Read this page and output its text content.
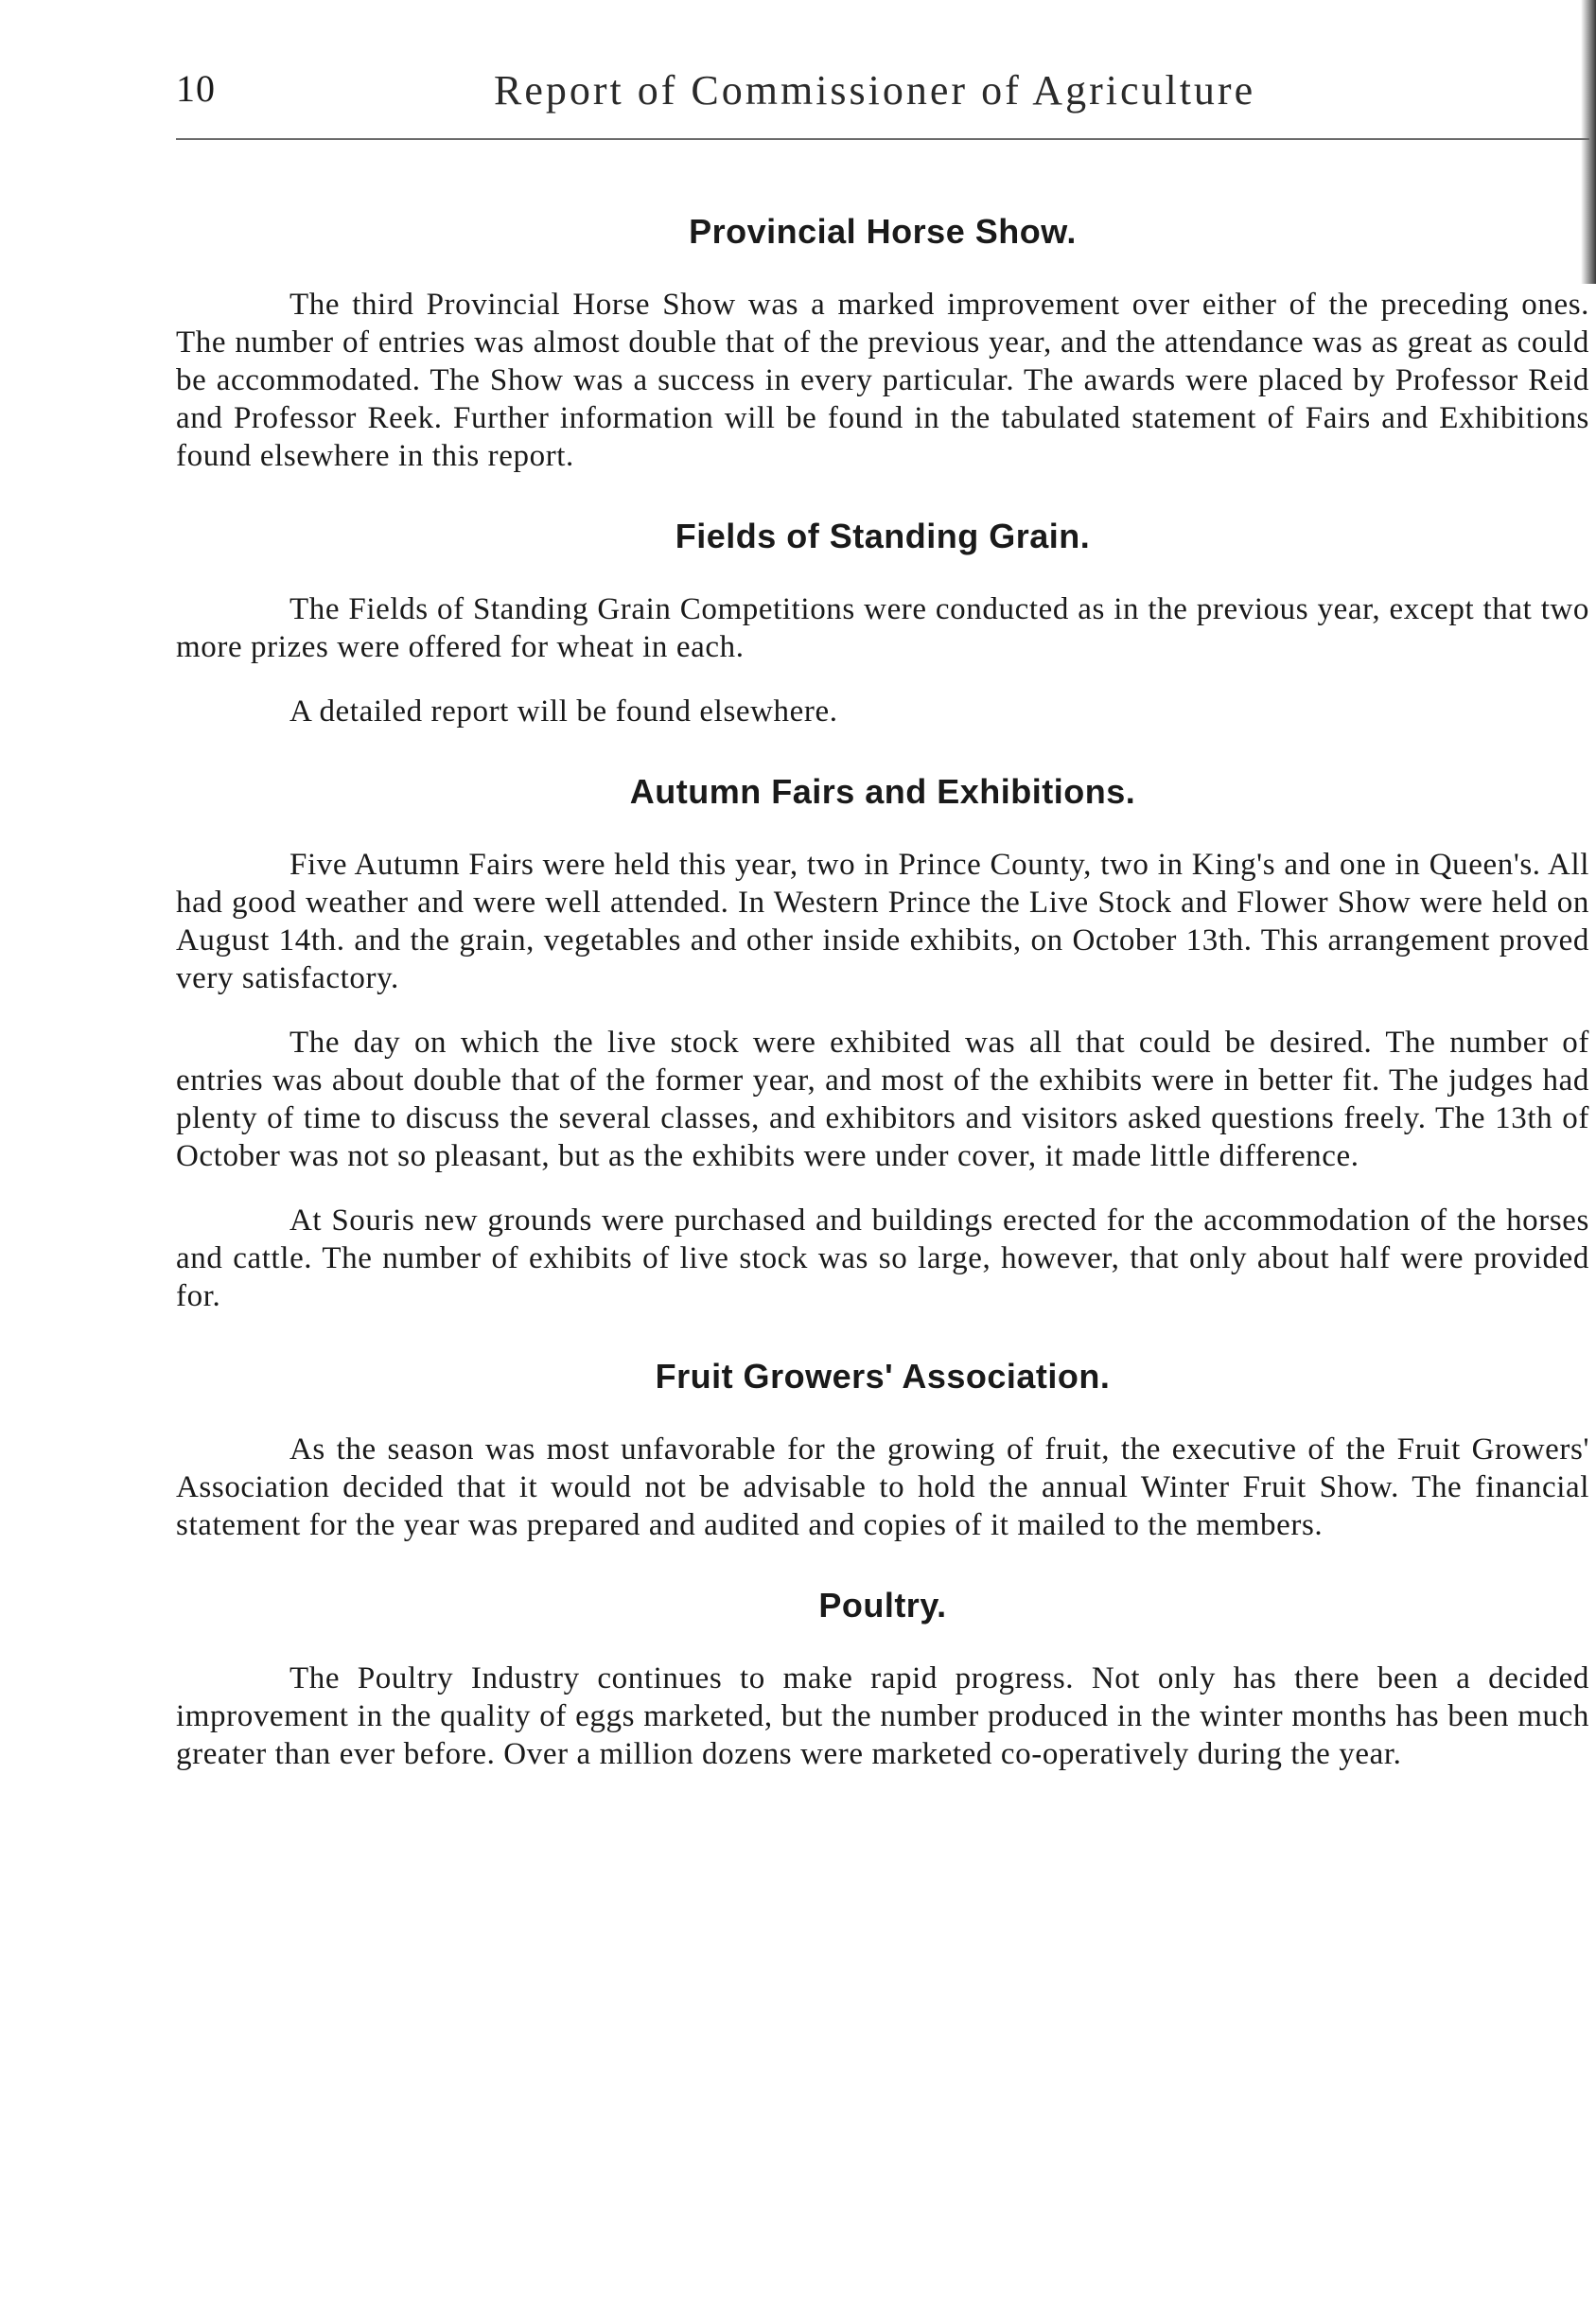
10	Report of Commissioner of Agriculture
Provincial Horse Show.

The third Provincial Horse Show was a marked improvement over either of the preceding ones. The number of entries was almost double that of the previous year, and the attendance was as great as could be accommodated. The Show was a success in every particular. The awards were placed by Professor Reid and Professor Reek. Further information will be found in the tabulated statement of Fairs and Exhibitions found elsewhere in this report.

Fields of Standing Grain.

The Fields of Standing Grain Competitions were conducted as in the previous year, except that two more prizes were offered for wheat in each.

A detailed report will be found elsewhere.

Autumn Fairs and Exhibitions.

Five Autumn Fairs were held this year, two in Prince County, two in King's and one in Queen's. All had good weather and were well attended. In Western Prince the Live Stock and Flower Show were held on August 14th. and the grain, vegetables and other inside exhibits, on October 13th. This arrangement proved very satisfactory.

The day on which the live stock were exhibited was all that could be desired. The number of entries was about double that of the former year, and most of the exhibits were in better fit. The judges had plenty of time to discuss the several classes, and exhibitors and visitors asked questions freely. The 13th of October was not so pleasant, but as the exhibits were under cover, it made little difference.

At Souris new grounds were purchased and buildings erected for the accommodation of the horses and cattle. The number of exhibits of live stock was so large, however, that only about half were provided for.

Fruit Growers' Association.

As the season was most unfavorable for the growing of fruit, the executive of the Fruit Growers' Association decided that it would not be advisable to hold the annual Winter Fruit Show. The financial statement for the year was prepared and audited and copies of it mailed to the members.

Poultry.

The Poultry Industry continues to make rapid progress. Not only has there been a decided improvement in the quality of eggs marketed, but the number produced in the winter months has been much greater than ever before. Over a million dozens were marketed co-operatively during the year.
